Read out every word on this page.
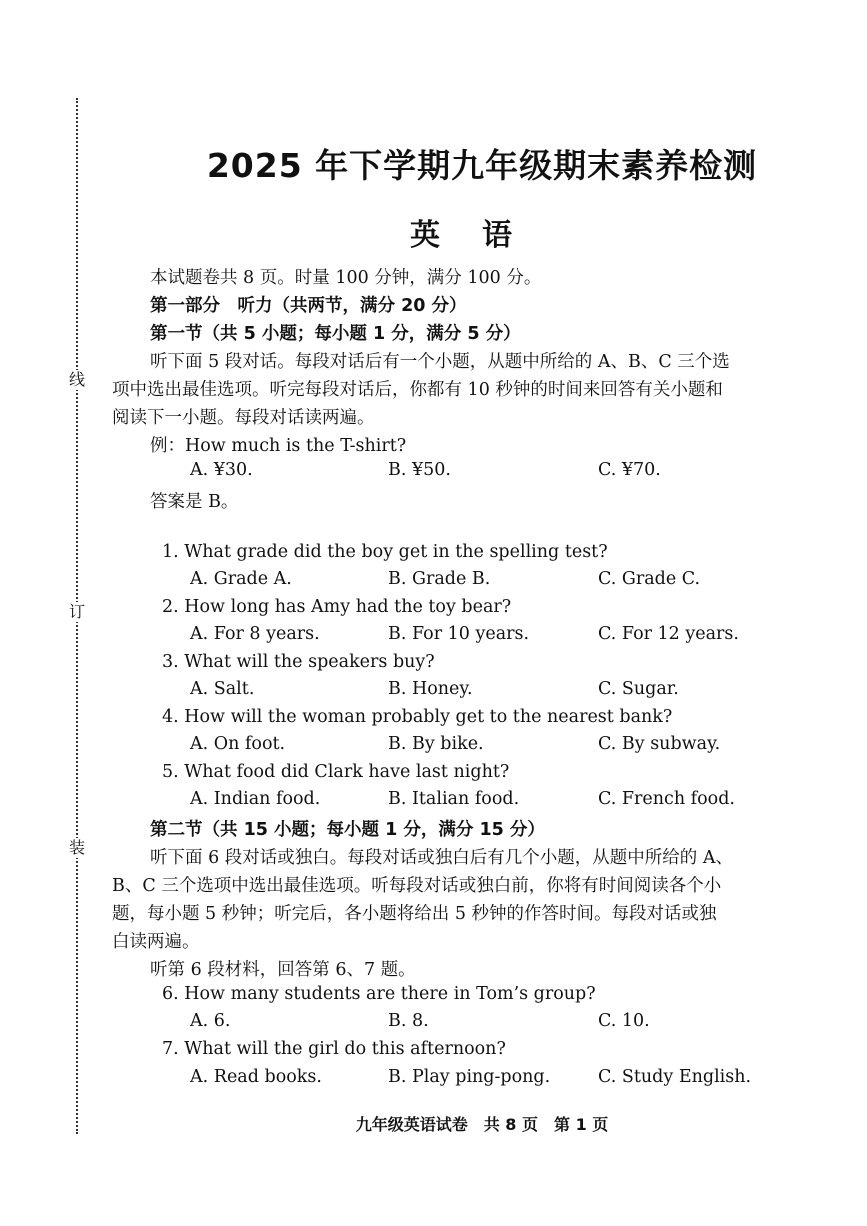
线
订
装
2025 年下学期九年级期末素养检测
英语
本试题卷共 8 页。时量 100 分钟，满分 100 分。
第一部分　听力（共两节，满分 20 分）
第一节（共 5 小题；每小题 1 分，满分 5 分）
听下面 5 段对话。每段对话后有一个小题，从题中所给的 A、B、C 三个选
项中选出最佳选项。听完每段对话后，你都有 10 秒钟的时间来回答有关小题和
阅读下一小题。每段对话读两遍。
例：How much is the T-shirt?
A. ¥30.	B. ¥50.	C. ¥70.
答案是 B。
1. What grade did the boy get in the spelling test?
A. Grade A.	B. Grade B.	C. Grade C.
2. How long has Amy had the toy bear?
A. For 8 years.	B. For 10 years.	C. For 12 years.
3. What will the speakers buy?
A. Salt.	B. Honey.	C. Sugar.
4. How will the woman probably get to the nearest bank?
A. On foot.	B. By bike.	C. By subway.
5. What food did Clark have last night?
A. Indian food.	B. Italian food.	C. French food.
第二节（共 15 小题；每小题 1 分，满分 15 分）
听下面 6 段对话或独白。每段对话或独白后有几个小题，从题中所给的 A、
B、C 三个选项中选出最佳选项。听每段对话或独白前，你将有时间阅读各个小
题，每小题 5 秒钟；听完后，各小题将给出 5 秒钟的作答时间。每段对话或独
白读两遍。
听第 6 段材料，回答第 6、7 题。
6. How many students are there in Tom’s group?
A. 6.	B. 8.	C. 10.
7. What will the girl do this afternoon?
A. Read books.	B. Play ping-pong.	C. Study English.
九年级英语试卷　共 8 页　第 1 页
